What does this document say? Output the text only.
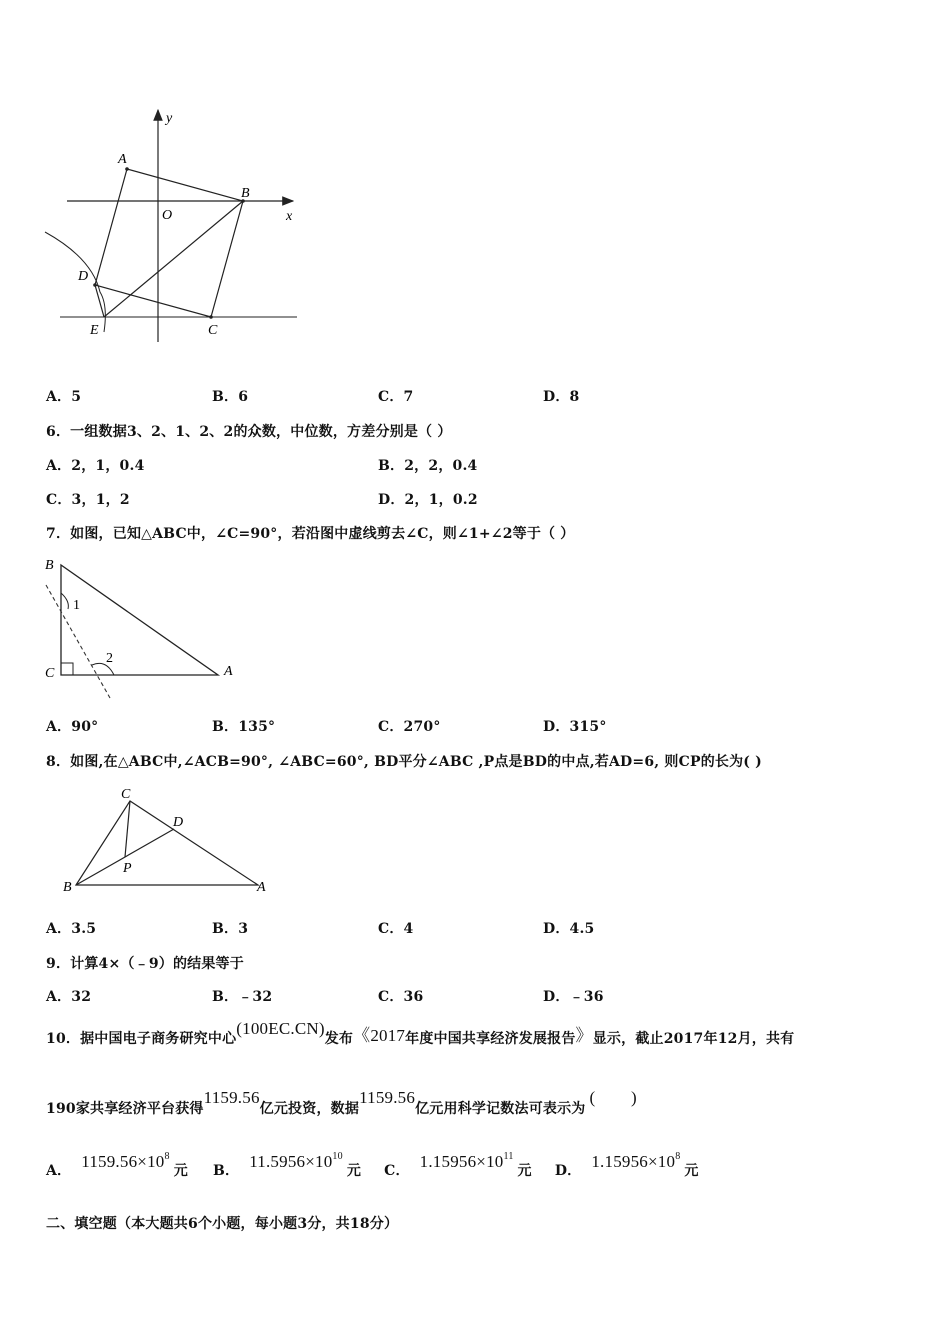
y
x
O
A
B
C
D
E
A．5	B．6	C．7	D．8
6．一组数据3、2、1、2、2的众数，中位数，方差分别是（ ）
A．2，1，0.4	B．2，2，0.4
C．3，1，2	D．2，1，0.2
7．如图，已知△ABC中，∠C=90°，若沿图中虚线剪去∠C，则∠1+∠2等于（ ）
B
C	A
1
2
A．90°	B．135°	C．270°	D．315°
8．如图,在△ABC中,∠ACB=90°, ∠ABC=60°, BD平分∠ABC ,P点是BD的中点,若AD=6, 则CP的长为( )
C
D
P
B	A
A．3.5	B．3	C．4	D．4.5
9．计算4×（﹣9）的结果等于
A．32	B．﹣32	C．36	D．﹣36
10．据中国电子商务研究中心(100EC.CN)发布《2017年度中国共享经济发展报告》显示，截止2017年12月，共有
190家共享经济平台获得1159.56亿元投资，数据1159.56亿元用科学记数法可表示为(        )
A． $1159.56\times 10^8$元 B． $11.5956\times 10^{10}$元 C． $1.15956\times 10^{11}$元 D． $1.15956\times 10^8$元
二、填空题（本大题共6个小题，每小题3分，共18分）
